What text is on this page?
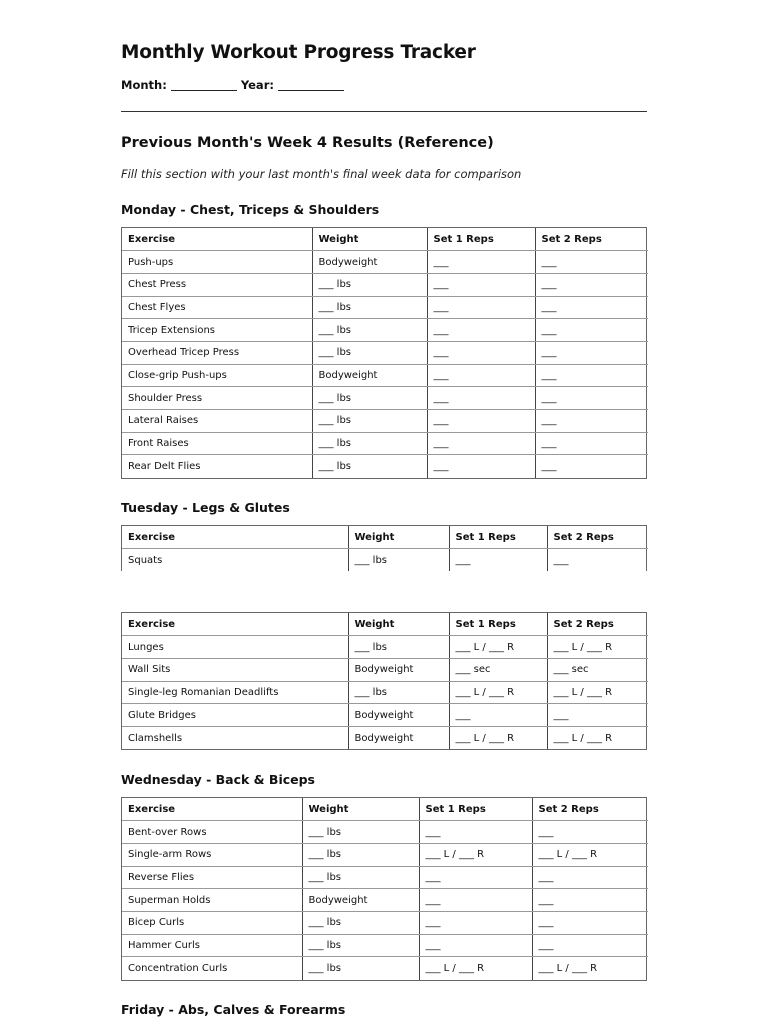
Monthly Workout Progress Tracker
Month:	Year:
Previous Month's Week 4 Results (Reference)
Fill this section with your last month's final week data for comparison
Monday - Chest, Triceps & Shoulders
Exercise	Weight	Set 1 Reps	Set 2 Reps
Push-ups	Bodyweight	___	___
Chest Press	___ lbs	___	___
Chest Flyes	___ lbs	___	___
Tricep Extensions	___ lbs	___	___
Overhead Tricep Press	___ lbs	___	___
Close-grip Push-ups	Bodyweight	___	___
Shoulder Press	___ lbs	___	___
Lateral Raises	___ lbs	___	___
Front Raises	___ lbs	___	___
Rear Delt Flies	___ lbs	___	___
Tuesday - Legs & Glutes
Exercise	Weight	Set 1 Reps	Set 2 Reps
Squats	___ lbs	___	___
Exercise	Weight	Set 1 Reps	Set 2 Reps
Lunges	___ lbs	___ L / ___ R	___ L / ___ R
Wall Sits	Bodyweight	___ sec	___ sec
Single-leg Romanian Deadlifts	___ lbs	___ L / ___ R	___ L / ___ R
Glute Bridges	Bodyweight	___	___
Clamshells	Bodyweight	___ L / ___ R	___ L / ___ R
Wednesday - Back & Biceps
Exercise	Weight	Set 1 Reps	Set 2 Reps
Bent-over Rows	___ lbs	___	___
Single-arm Rows	___ lbs	___ L / ___ R	___ L / ___ R
Reverse Flies	___ lbs	___	___
Superman Holds	Bodyweight	___	___
Bicep Curls	___ lbs	___	___
Hammer Curls	___ lbs	___	___
Concentration Curls	___ lbs	___ L / ___ R	___ L / ___ R
Friday - Abs, Calves & Forearms
